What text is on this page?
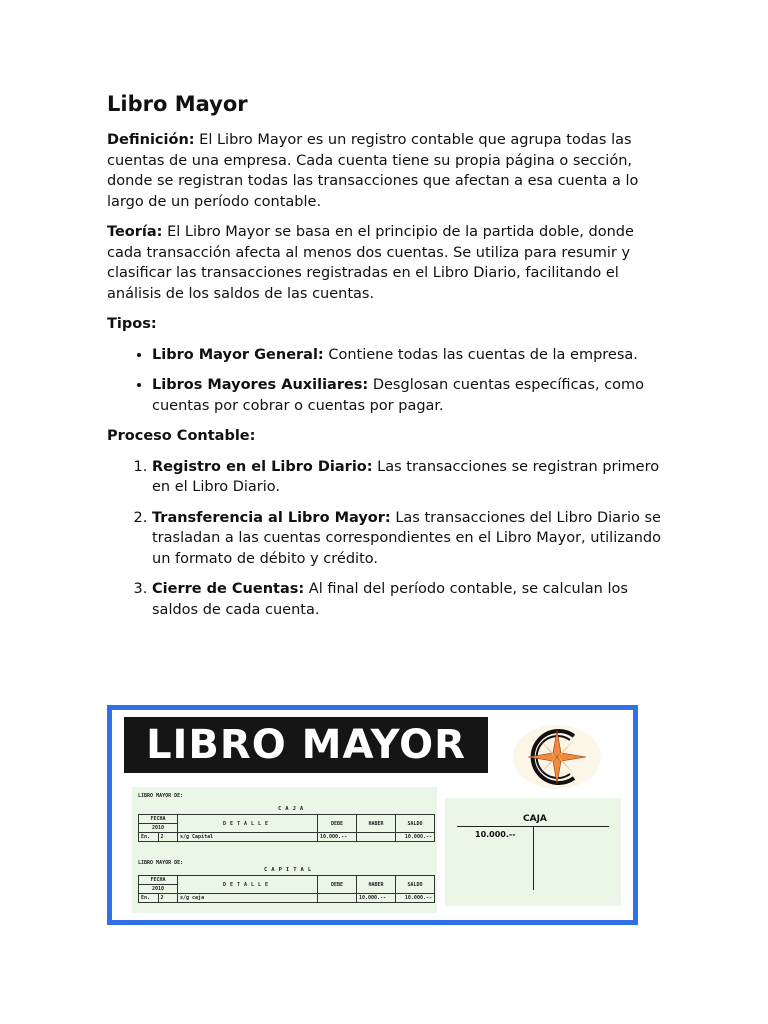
Libro Mayor

Definición: El Libro Mayor es un registro contable que agrupa todas las cuentas de una empresa. Cada cuenta tiene su propia página o sección, donde se registran todas las transacciones que afectan a esa cuenta a lo largo de un período contable.

Teoría: El Libro Mayor se basa en el principio de la partida doble, donde cada transacción afecta al menos dos cuentas. Se utiliza para resumir y clasificar las transacciones registradas en el Libro Diario, facilitando el análisis de los saldos de las cuentas.

Tipos:

• Libro Mayor General: Contiene todas las cuentas de la empresa.
• Libros Mayores Auxiliares: Desglosan cuentas específicas, como cuentas por cobrar o cuentas por pagar.

Proceso Contable:

1. Registro en el Libro Diario: Las transacciones se registran primero en el Libro Diario.
2. Transferencia al Libro Mayor: Las transacciones del Libro Diario se trasladan a las cuentas correspondientes en el Libro Mayor, utilizando un formato de débito y crédito.
3. Cierre de Cuentas: Al final del período contable, se calculan los saldos de cada cuenta.
LIBRO MAYOR
LIBRO MAYOR DE:
CAJA
FECHA		DETALLE	DEBE	HABER	SALDO
2010					
En.	2	s/g Capital	10.000.--		10.000.--
LIBRO MAYOR DE:
CAPITAL
FECHA		DETALLE	DEBE	HABER	SALDO
2010					
En.	2	s/g caja		10.000.--	10.000.--
CAJA
10.000.--
